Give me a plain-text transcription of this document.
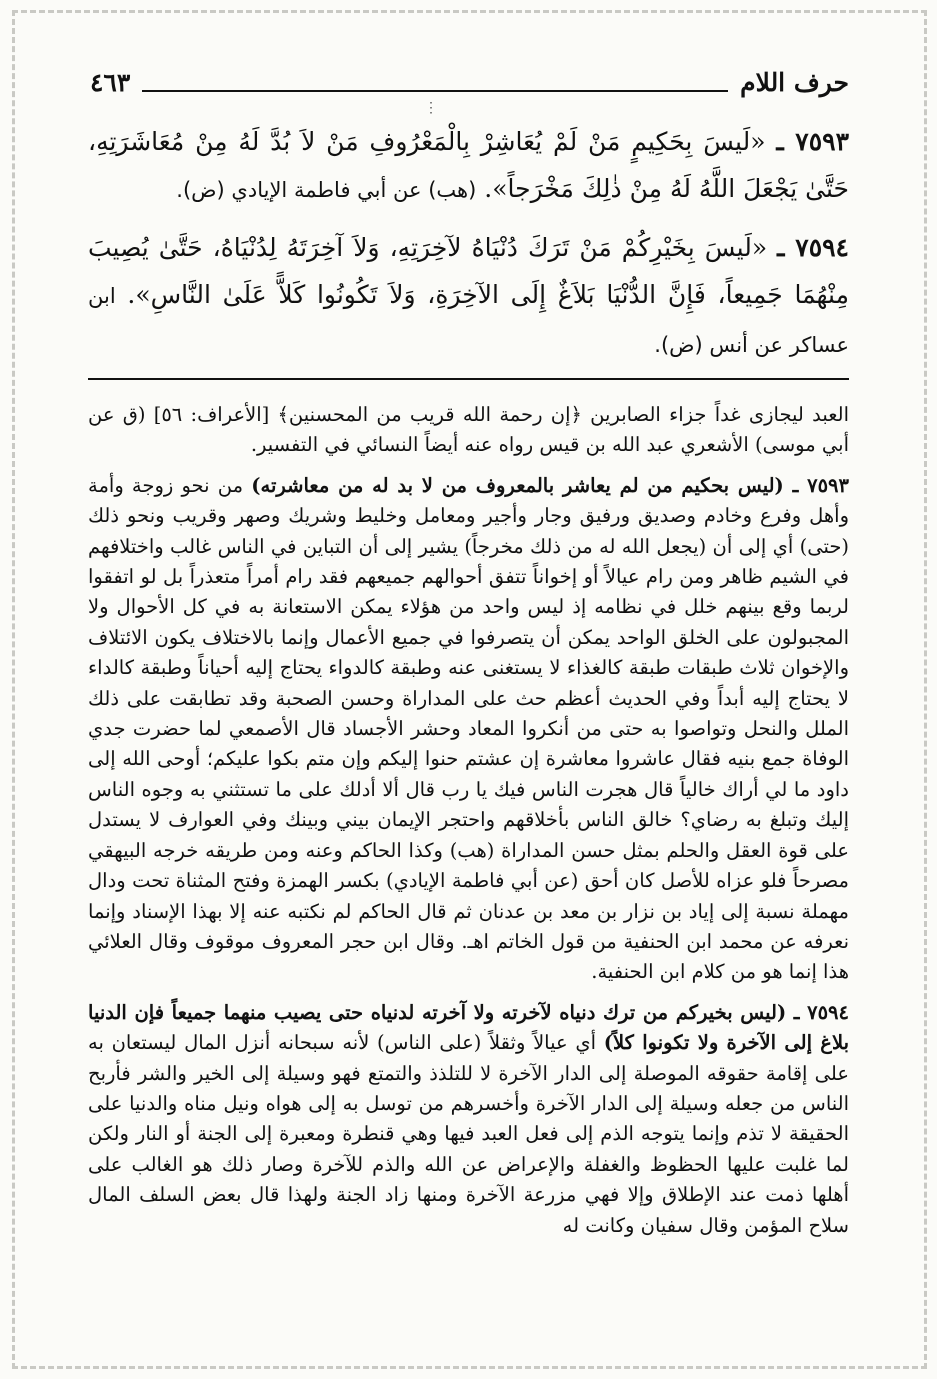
حرف اللام
٤٦٣
⋮

٧٥٩٣ ـ «لَيسَ بِحَكِيمٍ مَنْ لَمْ يُعَاشِرْ بِالْمَعْرُوفِ مَنْ لاَ بُدَّ لَهُ مِنْ مُعَاشَرَتِهِ، حَتَّىٰ يَجْعَلَ اللَّهُ لَهُ مِنْ ذٰلِكَ مَخْرَجاً». (هب) عن أبي فاطمة الإيادي (ض).

٧٥٩٤ ـ «لَيسَ بِخَيْرِكُمْ مَنْ تَرَكَ دُنْيَاهُ لآخِرَتِهِ، وَلاَ آخِرَتَهُ لِدُنْيَاهُ، حَتَّىٰ يُصِيبَ مِنْهُمَا جَمِيعاً، فَإِنَّ الدُّنْيَا بَلاَغٌ إِلَى الآخِرَةِ، وَلاَ تَكُونُوا كَلاًّ عَلَىٰ النَّاسِ». ابن عساكر عن أنس (ض).

العبد ليجازى غداً جزاء الصابرين ﴿إن رحمة الله قريب من المحسنين﴾ [الأعراف: ٥٦] (ق عن أبي موسى) الأشعري عبد الله بن قيس رواه عنه أيضاً النسائي في التفسير.

٧٥٩٣ ـ (ليس بحكيم من لم يعاشر بالمعروف من لا بد له من معاشرته) من نحو زوجة وأمة وأهل وفرع وخادم وصديق ورفيق وجار وأجير ومعامل وخليط وشريك وصهر وقريب ونحو ذلك (حتى) أي إلى أن (يجعل الله له من ذلك مخرجاً) يشير إلى أن التباين في الناس غالب واختلافهم في الشيم ظاهر ومن رام عيالاً أو إخواناً تتفق أحوالهم جميعهم فقد رام أمراً متعذراً بل لو اتفقوا لربما وقع بينهم خلل في نظامه إذ ليس واحد من هؤلاء يمكن الاستعانة به في كل الأحوال ولا المجبولون على الخلق الواحد يمكن أن يتصرفوا في جميع الأعمال وإنما بالاختلاف يكون الائتلاف والإخوان ثلاث طبقات طبقة كالغذاء لا يستغنى عنه وطبقة كالدواء يحتاج إليه أحياناً وطبقة كالداء لا يحتاج إليه أبداً وفي الحديث أعظم حث على المداراة وحسن الصحبة وقد تطابقت على ذلك الملل والنحل وتواصوا به حتى من أنكروا المعاد وحشر الأجساد قال الأصمعي لما حضرت جدي الوفاة جمع بنيه فقال عاشروا معاشرة إن عشتم حنوا إليكم وإن متم بكوا عليكم؛ أوحى الله إلى داود ما لي أراك خالياً قال هجرت الناس فيك يا رب قال ألا أدلك على ما تستثني به وجوه الناس إليك وتبلغ به رضاي؟ خالق الناس بأخلاقهم واحتجر الإيمان بيني وبينك وفي العوارف لا يستدل على قوة العقل والحلم بمثل حسن المداراة (هب) وكذا الحاكم وعنه ومن طريقه خرجه البيهقي مصرحاً فلو عزاه للأصل كان أحق (عن أبي فاطمة الإيادي) بكسر الهمزة وفتح المثناة تحت ودال مهملة نسبة إلى إياد بن نزار بن معد بن عدنان ثم قال الحاكم لم نكتبه عنه إلا بهذا الإسناد وإنما نعرفه عن محمد ابن الحنفية من قول الخاتم اهـ. وقال ابن حجر المعروف موقوف وقال العلائي هذا إنما هو من كلام ابن الحنفية.

٧٥٩٤ ـ (ليس بخيركم من ترك دنياه لآخرته ولا آخرته لدنياه حتى يصيب منهما جميعاً فإن الدنيا بلاغ إلى الآخرة ولا تكونوا كلاً) أي عيالاً وثقلاً (على الناس) لأنه سبحانه أنزل المال ليستعان به على إقامة حقوقه الموصلة إلى الدار الآخرة لا للتلذذ والتمتع فهو وسيلة إلى الخير والشر فأربح الناس من جعله وسيلة إلى الدار الآخرة وأخسرهم من توسل به إلى هواه ونيل مناه والدنيا على الحقيقة لا تذم وإنما يتوجه الذم إلى فعل العبد فيها وهي قنطرة ومعبرة إلى الجنة أو النار ولكن لما غلبت عليها الحظوظ والغفلة والإعراض عن الله والذم للآخرة وصار ذلك هو الغالب على أهلها ذمت عند الإطلاق وإلا فهي مزرعة الآخرة ومنها زاد الجنة ولهذا قال بعض السلف المال سلاح المؤمن وقال سفيان وكانت له
